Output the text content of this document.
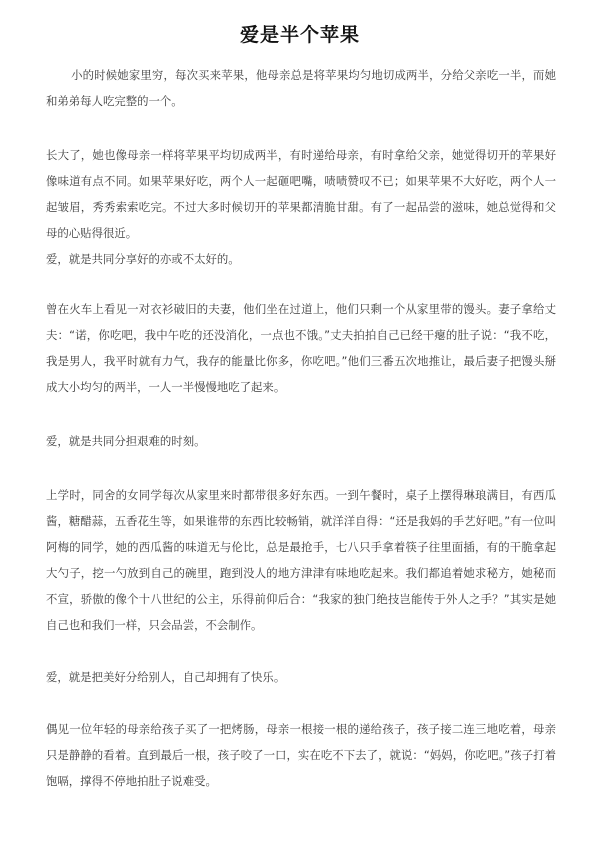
爱是半个苹果

小的时候她家里穷，每次买来苹果，他母亲总是将苹果均匀地切成两半，分给父亲吃一半，而她和弟弟每人吃完整的一个。

长大了，她也像母亲一样将苹果平均切成两半，有时递给母亲，有时拿给父亲，她觉得切开的苹果好像味道有点不同。如果苹果好吃，两个人一起砸吧嘴，啧啧赞叹不已；如果苹果不大好吃，两个人一起皱眉，秀秀索索吃完。不过大多时候切开的苹果都清脆甘甜。有了一起品尝的滋味，她总觉得和父母的心贴得很近。

爱，就是共同分享好的亦或不太好的。

曾在火车上看见一对衣衫破旧的夫妻，他们坐在过道上，他们只剩一个从家里带的馒头。妻子拿给丈夫：“诺，你吃吧，我中午吃的还没消化，一点也不饿。”丈夫拍拍自己已经干瘪的肚子说：“我不吃，我是男人，我平时就有力气，我存的能量比你多，你吃吧。”他们三番五次地推让，最后妻子把馒头掰成大小均匀的两半，一人一半慢慢地吃了起来。

爱，就是共同分担艰难的时刻。

上学时，同舍的女同学每次从家里来时都带很多好东西。一到午餐时，桌子上摆得琳琅满目，有西瓜酱，糖醋蒜，五香花生等，如果谁带的东西比较畅销，就洋洋自得：“还是我妈的手艺好吧。”有一位叫阿梅的同学，她的西瓜酱的味道无与伦比，总是最抢手，七八只手拿着筷子往里面插，有的干脆拿起大勺子，挖一勺放到自己的碗里，跑到没人的地方津津有味地吃起来。我们都追着她求秘方，她秘而不宣，骄傲的像个十八世纪的公主，乐得前仰后合：“我家的独门绝技岂能传于外人之手？”其实是她自己也和我们一样，只会品尝，不会制作。

爱，就是把美好分给别人，自己却拥有了快乐。

偶见一位年轻的母亲给孩子买了一把烤肠，母亲一根接一根的递给孩子，孩子接二连三地吃着，母亲只是静静的看着。直到最后一根，孩子咬了一口，实在吃不下去了，就说：“妈妈，你吃吧。”孩子打着饱嗝，撑得不停地拍肚子说难受。
